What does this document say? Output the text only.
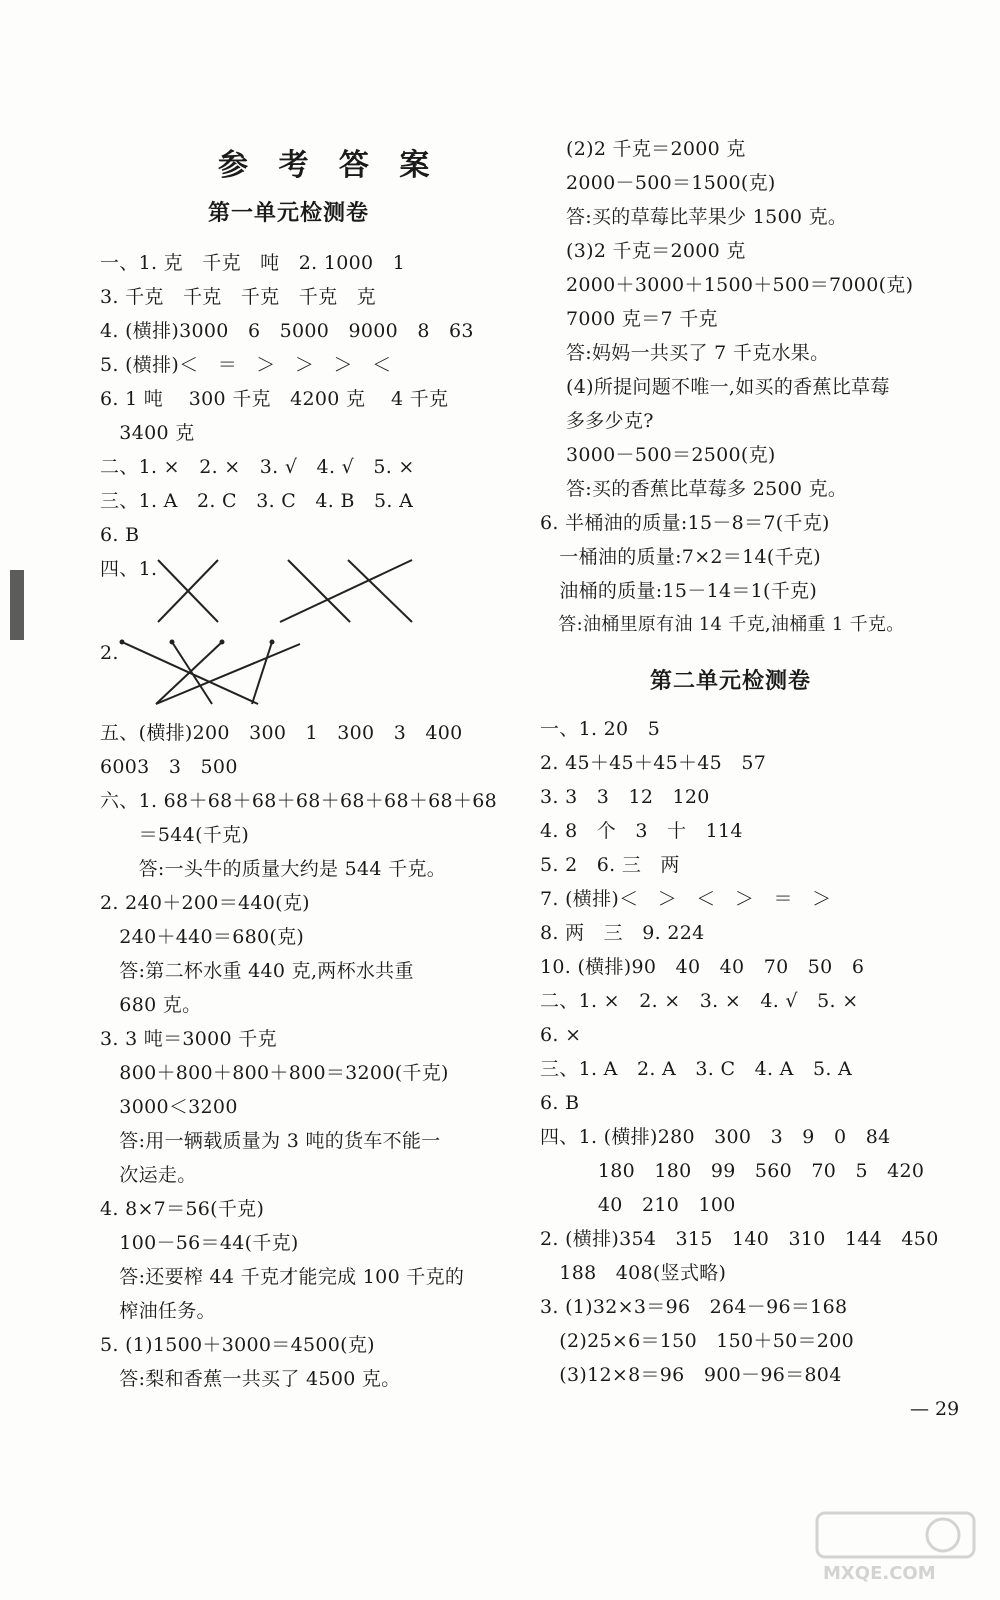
参 考 答 案
第一单元检测卷
一、1. 克　千克　吨　2. 1000　1
3. 千克　千克　千克　千克　克
4. (横排)3000　6　5000　9000　8　63
5. (横排)＜　＝　＞　＞　＞　＜
6. 1 吨　 300 千克　4200 克　 4 千克
　3400 克
二、1. ×　2. ×　3. √　4. √　5. ×
三、1. A　2. C　3. C　4. B　5. A
6. B
四、1.
2.
五、(横排)200　300　1　300　3　400
6003　3　500
六、1. 68＋68＋68＋68＋68＋68＋68＋68
　　＝544(千克)
　　答:一头牛的质量大约是 544 千克。
2. 240＋200＝440(克)
　240＋440＝680(克)
　答:第二杯水重 440 克,两杯水共重
　680 克。
3. 3 吨＝3000 千克
　800＋800＋800＋800＝3200(千克)
　3000＜3200
　答:用一辆载质量为 3 吨的货车不能一
　次运走。
4. 8×7＝56(千克)
　100－56＝44(千克)
　答:还要榨 44 千克才能完成 100 千克的
　榨油任务。
5. (1)1500＋3000＝4500(克)
　答:梨和香蕉一共买了 4500 克。
(2)2 千克＝2000 克
2000－500＝1500(克)
答:买的草莓比苹果少 1500 克。
(3)2 千克＝2000 克
2000＋3000＋1500＋500＝7000(克)
7000 克＝7 千克
答:妈妈一共买了 7 千克水果。
(4)所提问题不唯一,如买的香蕉比草莓
多多少克?
3000－500＝2500(克)
答:买的香蕉比草莓多 2500 克。
6. 半桶油的质量:15－8＝7(千克)
　一桶油的质量:7×2＝14(千克)
　油桶的质量:15－14＝1(千克)
　答:油桶里原有油 14 千克,油桶重 1 千克。
第二单元检测卷
一、1. 20　5
2. 45＋45＋45＋45　57
3. 3　3　12　120
4. 8　个　3　十　114
5. 2　6. 三　两
7. (横排)＜　＞　＜　＞　＝　＞
8. 两　三　9. 224
10. (横排)90　40　40　70　50　6
二、1. ×　2. ×　3. ×　4. √　5. ×
6. ×
三、1. A　2. A　3. C　4. A　5. A
6. B
四、1. (横排)280　300　3　9　0　84
　　　180　180　99　560　70　5　420
　　　40　210　100
2. (横排)354　315　140　310　144　450
　188　408(竖式略)
3. (1)32×3＝96　264－96＝168
　(2)25×6＝150　150＋50＝200
　(3)12×8＝96　900－96＝804
— 29
MXQE.COM
